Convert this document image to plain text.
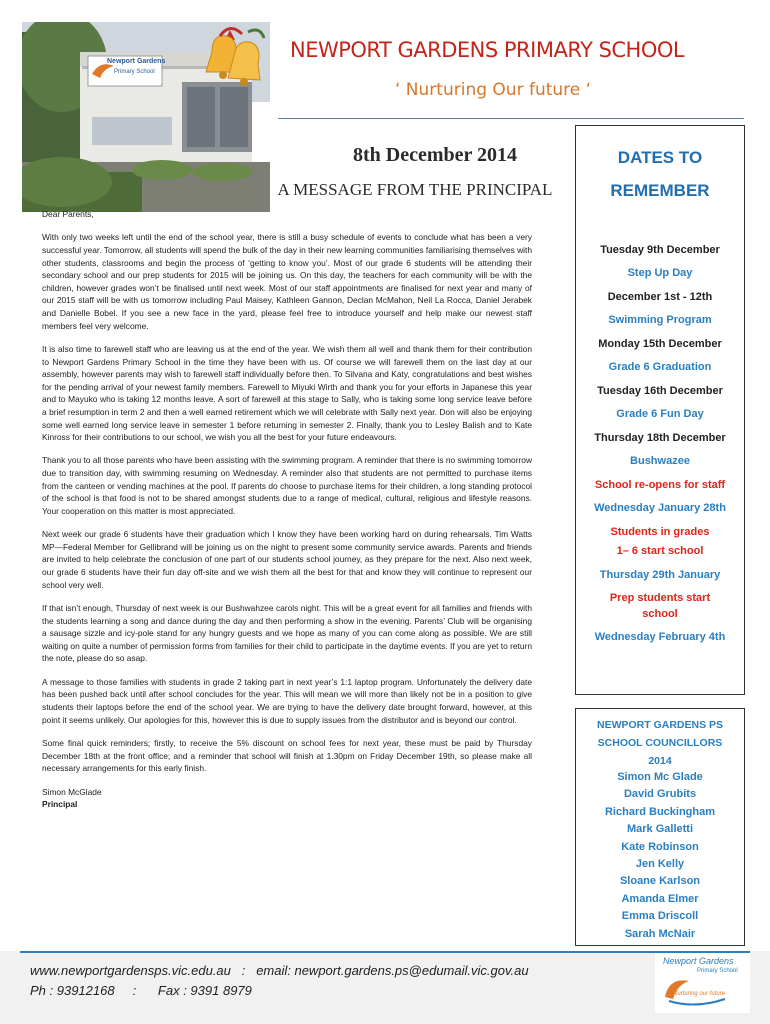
Newport Gardens
Primary School
NEWPORT GARDENS PRIMARY SCHOOL
‘ Nurturing Our future ‘
8th December 2014
A MESSAGE FROM THE PRINCIPAL

Dear Parents,

With only two weeks left until the end of the school year, there is still a busy schedule of events to conclude what has been a very successful year. Tomorrow, all students will spend the bulk of the day in their new learning communities familiarising themselves with other students, classrooms and begin the process of ‘getting to know you’. Most of our grade 6 students will be attending their secondary school and our prep students for 2015 will be joining us. On this day, the teachers for each community will be with the children, however grades won’t be finalised until next week. Most of our staff appointments are finalised for next year and many of our 2015 staff will be with us tomorrow including Paul Maisey, Kathleen Gannon, Declan McMahon, Neil La Rocca, Daniel Jerabek and Danielle Bobel. If you see a new face in the yard, please feel free to introduce yourself and help make our newest staff members feel very welcome.

It is also time to farewell staff who are leaving us at the end of the year. We wish them all well and thank them for their contribution to Newport Gardens Primary School in the time they have been with us. Of course we will farewell them on the last day at our assembly, however parents may wish to farewell staff individually before then. To Silvana and Katy, congratulations and best wishes for the pending arrival of your newest family members. Farewell to Miyuki Wirth and thank you for your efforts in Japanese this year and to Mayuko who is taking 12 months leave. A sort of farewell at this stage to Sally, who is taking some long service leave before a brief resumption in term 2 and then a well earned retirement which we will celebrate with Sally next year. Don will also be enjoying some well earned long service leave in semester 1 before returning in semester 2. Finally, thank you to Lesley Balish and to Kate Kinross for their contributions to our school, we wish you all the best for your future endeavours.

Thank you to all those parents who have been assisting with the swimming program. A reminder that there is no swimming tomorrow due to transition day, with swimming resuming on Wednesday. A reminder also that students are not permitted to purchase items from the canteen or vending machines at the pool. If parents do choose to purchase items for their children, a long standing protocol of the school is that food is not to be shared amongst students due to a range of medical, cultural, religious and lifestyle reasons. Your cooperation on this matter is most appreciated.

Next week our grade 6 students have their graduation which I know they have been working hard on during rehearsals. Tim Watts MP—Federal Member for Gellibrand will be joining us on the night to present some community service awards. Parents and friends are invited to help celebrate the conclusion of one part of our students school journey, as they prepare for the next. Also next week, our grade 6 students have their fun day off-site and we wish them all the best for that and know they will continue to represent our school very well.

If that isn’t enough, Thursday of next week is our Bushwahzee carols night. This will be a great event for all families and friends with the students learning a song and dance during the day and then performing a show in the evening. Parents’ Club will be organising a sausage sizzle and icy-pole stand for any hungry guests and we hope as many of you can come along as possible. We are still waiting on quite a number of permission forms from families for their child to participate in the daytime events. If you are yet to return the note, please do so asap.

A message to those families with students in grade 2 taking part in next year’s 1:1 laptop program. Unfortunately the delivery date has been pushed back until after school concludes for the year. This will mean we will more than likely not be in a position to give students their laptops before the end of the school year. We are trying to have the delivery date brought forward, however, at this point it seems unlikely. Our apologies for this, however this is due to supply issues from the distributor and is beyond our control.

Some final quick reminders; firstly, to receive the 5% discount on school fees for next year, these must be paid by Thursday December 18th at the front office; and a reminder that school will finish at 1.30pm on Friday December 19th, so please make all necessary arrangements for this early finish.

Simon McGlade

Principal

DATES TO
REMEMBER
Tuesday 9th December
Step Up Day
December 1st - 12th
Swimming Program
Monday 15th December
Grade 6 Graduation
Tuesday 16th December
Grade 6 Fun Day
Thursday 18th December
Bushwazee
School re-opens for staff
Wednesday January 28th
Students in grades
1– 6 start school
Thursday 29th January
Prep students start school
Wednesday February 4th
NEWPORT GARDENS PS
SCHOOL COUNCILLORS
2014
Simon Mc Glade
David Grubits
Richard Buckingham
Mark Galletti
Kate Robinson
Jen Kelly
Sloane Karlson
Amanda Elmer
Emma Driscoll
Sarah McNair
www.newportgardensps.vic.edu.au   :   email: newport.gardens.ps@edumail.vic.gov.au
Ph : 93912168     :      Fax : 9391 8979
Newport Gardens
Primary School
Nurturing our future
